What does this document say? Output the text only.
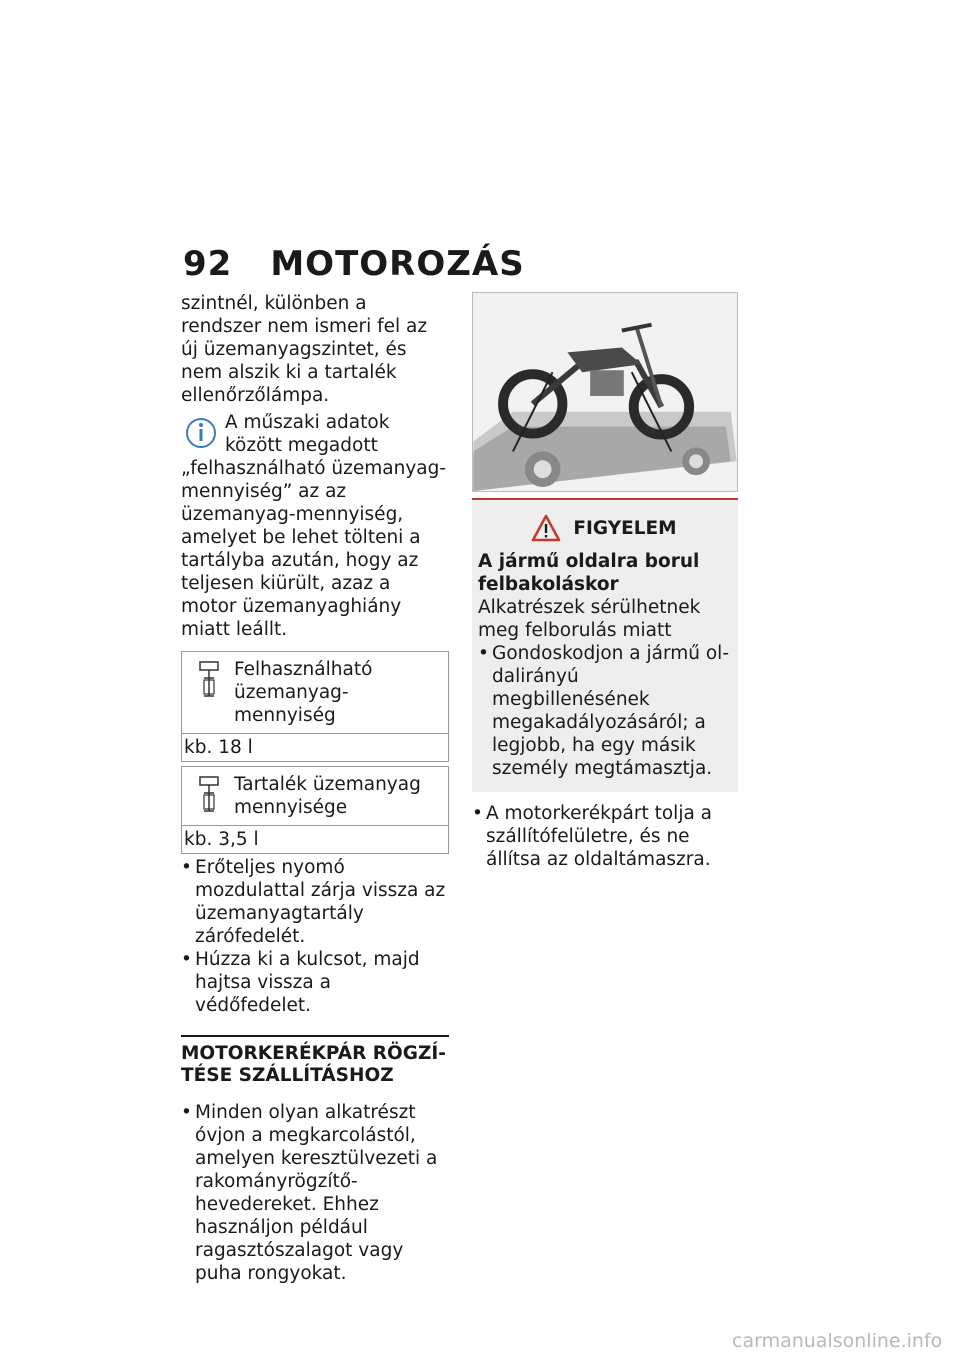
92 MOTOROZÁS

szintnél, különben a rendszer nem ismeri fel az új üzemanyagszintet, és nem alszik ki a tartalék ellenőrzőlámpa.

A műszaki adatok között megadott „felhasználható üzemanyag-mennyiség” az az üzemanyag-mennyiség, amelyet be lehet tölteni a tartályba azután, hogy az teljesen kiürült, azaz a motor üzemanyaghiány miatt leállt.

Felhasználható üzemanyag-mennyiség
kb. 18 l
Tartalék üzemanyag mennyisége
kb. 3,5 l

• Erőteljes nyomó mozdulattal zárja vissza az üzemanyagtartály zárófedelét.

• Húzza ki a kulcsot, majd hajtsa vissza a védőfedelet.

MOTORKERÉKPÁR RÖGZÍTÉSE SZÁLLÍTÁSHOZ

• Minden olyan alkatrészt óvjon a megkarcolástól, amelyen keresztülvezeti a rakományrögzítő-hevedereket. Ehhez használjon például ragasztószalagot vagy puha rongyokat.

FIGYELEM

A jármű oldalra borul felbakoláskor

Alkatrészek sérülhetnek meg felborulás miatt

• Gondoskodjon a jármű oldalirányú megbillenésének megakadályozásáról; a legjobb, ha egy másik személy megtámasztja.

• A motorkerékpárt tolja a szállítófelületre, és ne állítsa az oldaltámaszra.

carmanualsonline.info
